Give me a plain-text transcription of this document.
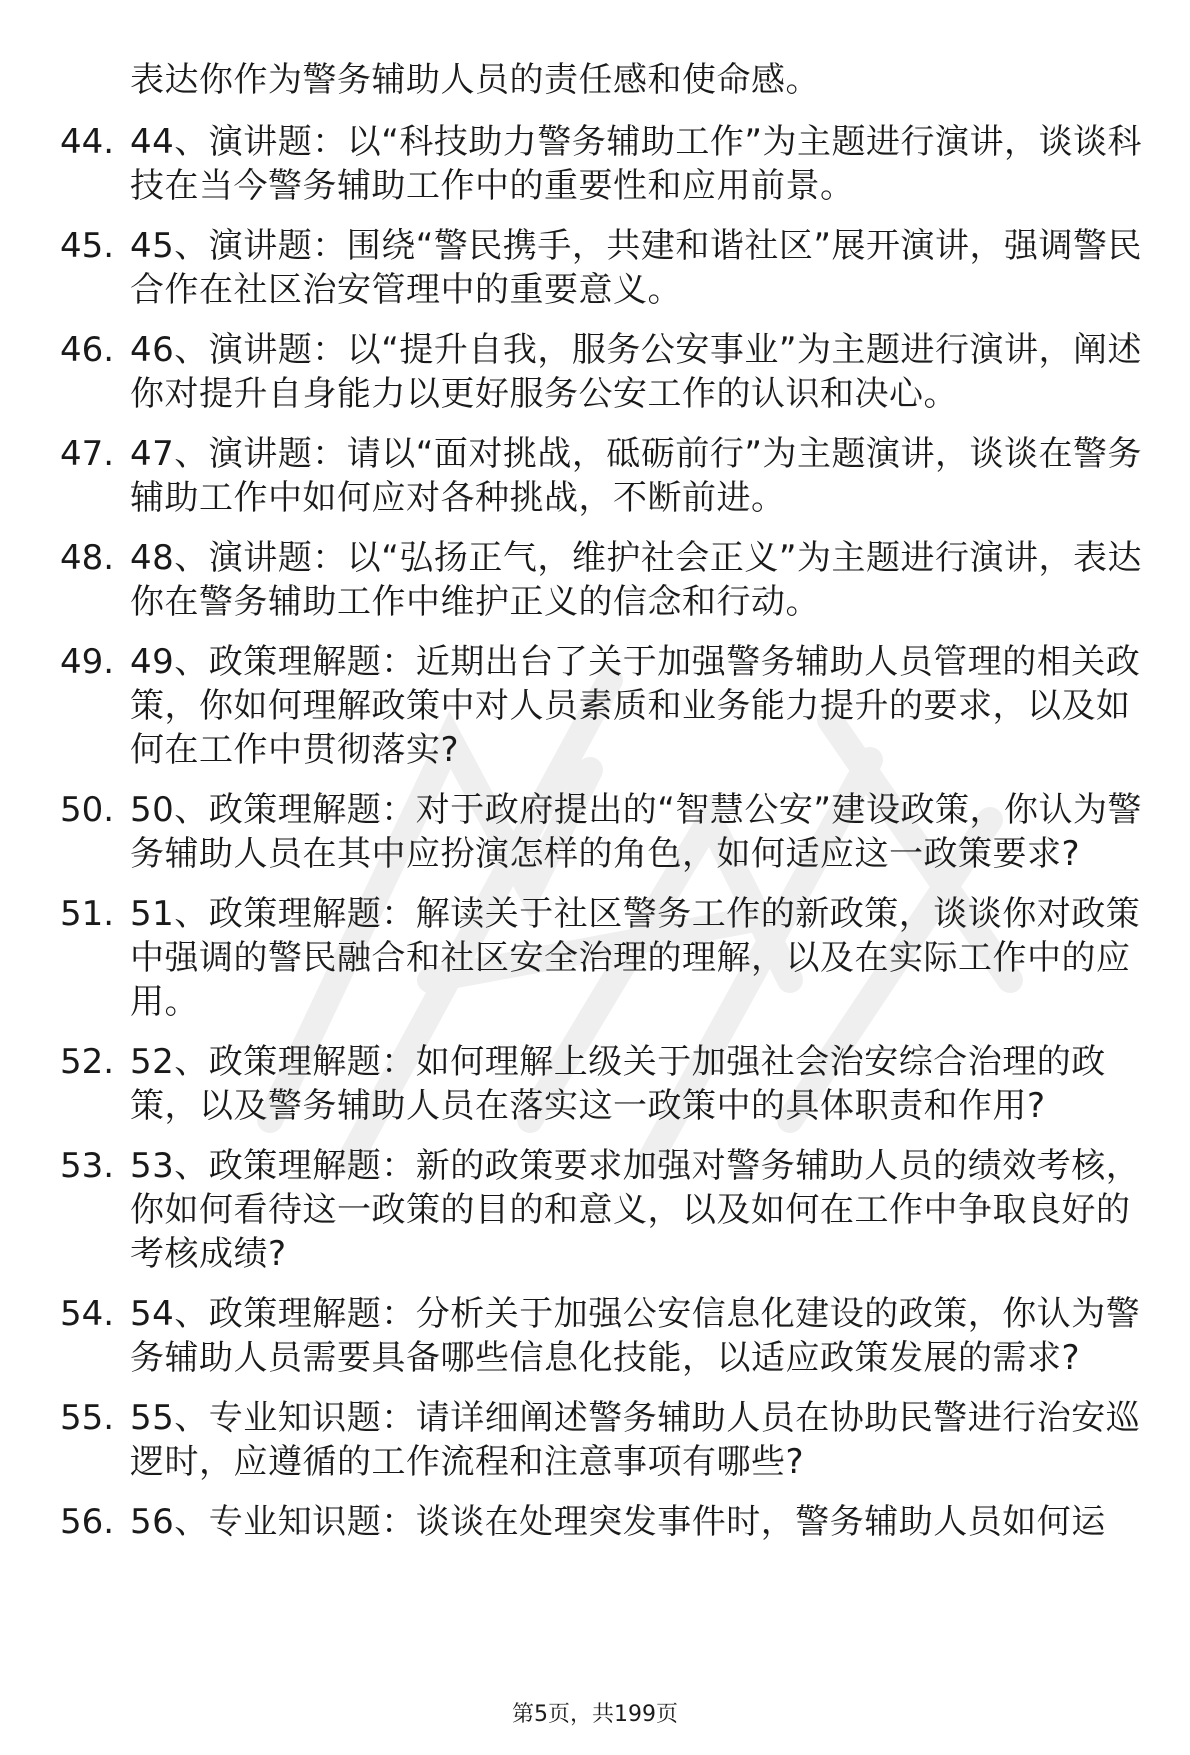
表达你作为警务辅助人员的责任感和使命感。

44. 44、演讲题：以“科技助力警务辅助工作”为主题进行演讲，谈谈科技在当今警务辅助工作中的重要性和应用前景。
45. 45、演讲题：围绕“警民携手，共建和谐社区”展开演讲，强调警民合作在社区治安管理中的重要意义。
46. 46、演讲题：以“提升自我，服务公安事业”为主题进行演讲，阐述你对提升自身能力以更好服务公安工作的认识和决心。
47. 47、演讲题：请以“面对挑战，砥砺前行”为主题演讲，谈谈在警务辅助工作中如何应对各种挑战，不断前进。
48. 48、演讲题：以“弘扬正气，维护社会正义”为主题进行演讲，表达你在警务辅助工作中维护正义的信念和行动。
49. 49、政策理解题：近期出台了关于加强警务辅助人员管理的相关政策，你如何理解政策中对人员素质和业务能力提升的要求，以及如何在工作中贯彻落实?
50. 50、政策理解题：对于政府提出的“智慧公安”建设政策，你认为警务辅助人员在其中应扮演怎样的角色，如何适应这一政策要求?
51. 51、政策理解题：解读关于社区警务工作的新政策，谈谈你对政策中强调的警民融合和社区安全治理的理解，以及在实际工作中的应用。
52. 52、政策理解题：如何理解上级关于加强社会治安综合治理的政策，以及警务辅助人员在落实这一政策中的具体职责和作用?
53. 53、政策理解题：新的政策要求加强对警务辅助人员的绩效考核，你如何看待这一政策的目的和意义，以及如何在工作中争取良好的考核成绩?
54. 54、政策理解题：分析关于加强公安信息化建设的政策，你认为警务辅助人员需要具备哪些信息化技能，以适应政策发展的需求?
55. 55、专业知识题：请详细阐述警务辅助人员在协助民警进行治安巡逻时，应遵循的工作流程和注意事项有哪些?
56. 56、专业知识题：谈谈在处理突发事件时，警务辅助人员如何运
第5页，共199页
